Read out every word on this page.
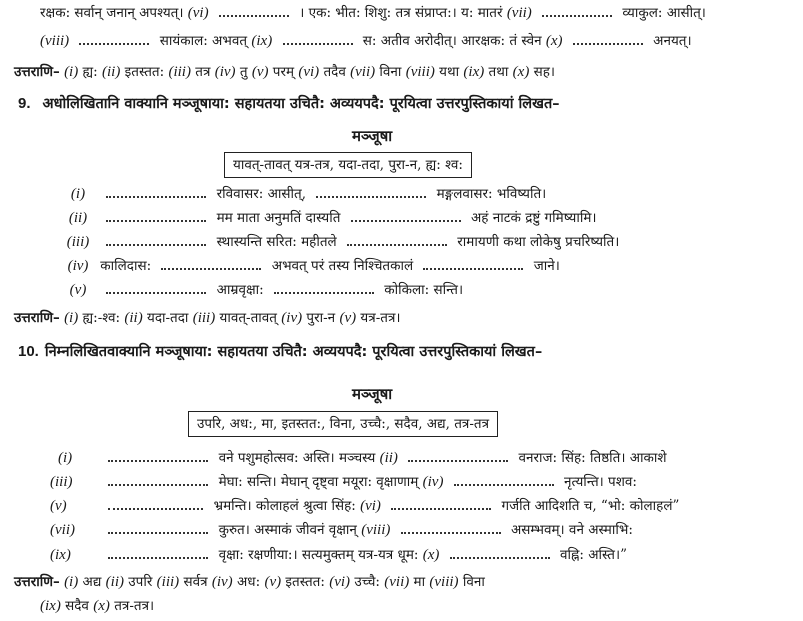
रक्षक: सर्वान् जनान् अपश्यत्। (vi)	। एक: भीत: शिशु: तत्र संप्राप्त:। य: मातरं (vii)	व्याकुल: आसीत्।
(viii)	सायंकाल: अभवत् (ix)	स: अतीव अरोदीत्। आरक्षक: तं स्वेन (x)	अनयत्।
उत्तराणि– (i) ह्य: (ii) इतस्तत: (iii) तत्र (iv) तु (v) परम् (vi) तदैव (vii) विना (viii) यथा (ix) तथा (x) सह।
9. अधोलिखितानि वाक्यानि मञ्जूषाया: सहायतया उचितै: अव्ययपदै: पूरयित्वा उत्तरपुस्तिकायां लिखत–
मञ्जूषा
यावत्-तावत् यत्र-तत्र, यदा-तदा, पुरा-न, ह्य: श्व:
(i)	रविवासर: आसीत्,	मङ्गलवासर: भविष्यति।
(ii)	मम माता अनुमतिं दास्यति	अहं नाटकं द्रष्टुं गमिष्यामि।
(iii)	स्थास्यन्ति सरित: महीतले	रामायणी कथा लोकेषु प्रचरिष्यति।
(iv) कालिदास:	अभवत् परं तस्य निश्चितकालं	जाने।
(v)	आम्रवृक्षा:	कोकिला: सन्ति।
उत्तराणि– (i) ह्य:-श्व: (ii) यदा-तदा (iii) यावत्-तावत् (iv) पुरा-न (v) यत्र-तत्र।
10. निम्नलिखितवाक्यानि मञ्जूषाया: सहायतया उचितै: अव्ययपदै: पूरयित्वा उत्तरपुस्तिकायां लिखत–
मञ्जूषा
उपरि, अध:, मा, इतस्तत:, विना, उच्चै:, सदैव, अद्य, तत्र-तत्र
(i)	वने पशुमहोत्सव: अस्ति। मञ्चस्य (ii)	वनराज: सिंह: तिष्ठति। आकाशे
(iii)	मेघा: सन्ति। मेघान् दृष्ट्वा मयूरा: वृक्षाणाम् (iv)	नृत्यन्ति। पशव:
(v)	भ्रमन्ति। कोलाहलं श्रुत्वा सिंह: (vi)	गर्जति आदिशति च, “भो: कोलाहलं”
(vii)	कुरुत। अस्माकं जीवनं वृक्षान् (viii)	असम्भवम्। वने अस्माभि:
(ix)	वृक्षा: रक्षणीया:। सत्यमुक्तम् यत्र-यत्र धूम: (x)	वह्नि: अस्ति।”
उत्तराणि– (i) अद्य (ii) उपरि (iii) सर्वत्र (iv) अध: (v) इतस्तत: (vi) उच्चै: (vii) मा (viii) विना
(ix) सदैव (x) तत्र-तत्र।
